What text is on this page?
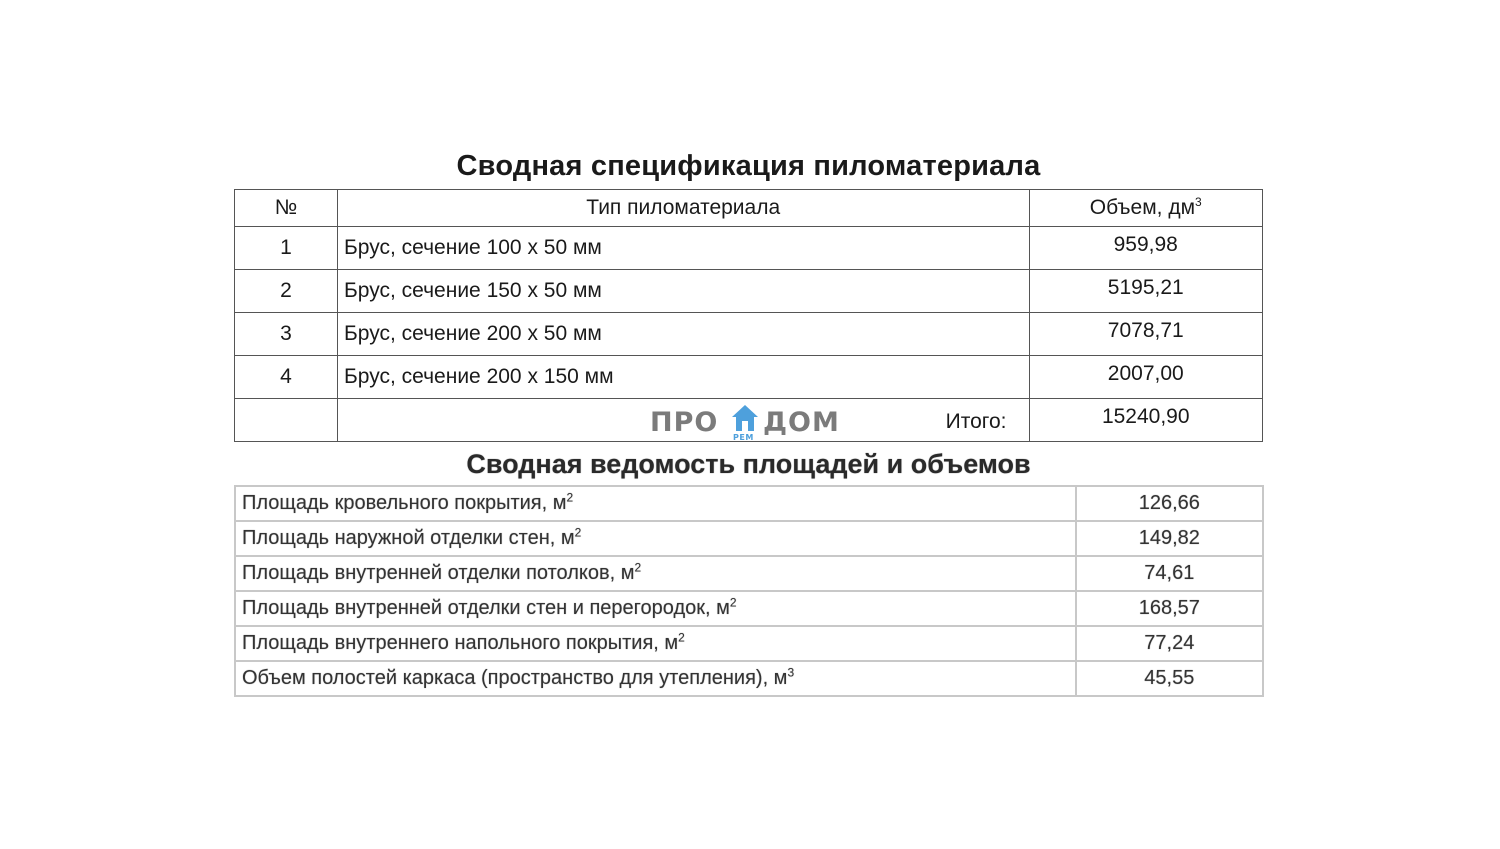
Сводная спецификация пиломатериала
№	Тип пиломатериала	Объем, $дм^3$
1	Брус, сечение 100 х 50 мм	959,98
2	Брус, сечение 150 х 50 мм	5195,21
3	Брус, сечение 200 х 50 мм	7078,71
4	Брус, сечение 200 х 150 мм	2007,00
	Итого:	15240,90
ПРО РЕМ ДОМ
Сводная ведомость площадей и объемов
Площадь кровельного покрытия, $м^2$	126,66
Площадь наружной отделки стен, $м^2$	149,82
Площадь внутренней отделки потолков, $м^2$	74,61
Площадь внутренней отделки стен и перегородок, $м^2$	168,57
Площадь внутреннего напольного покрытия, $м^2$	77,24
Объем полостей каркаса (пространство для утепления), $м^3$	45,55
